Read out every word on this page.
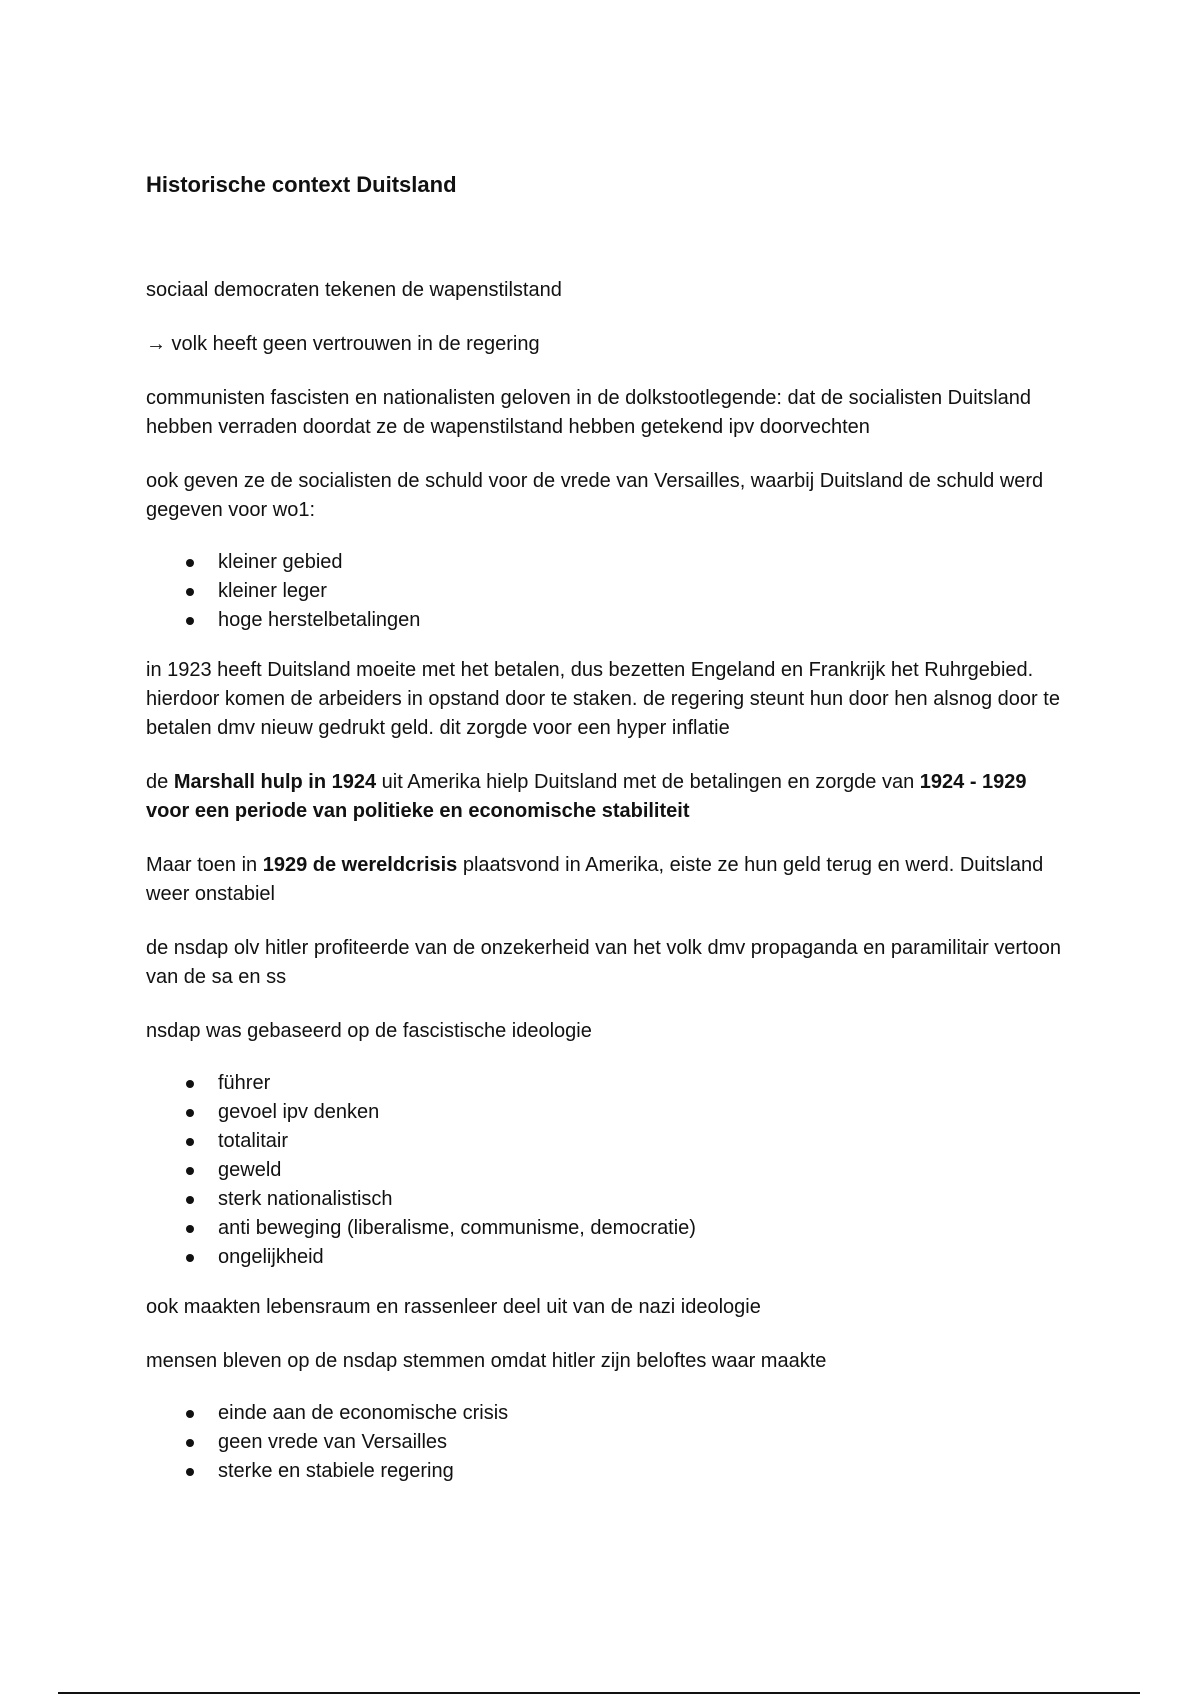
Historische context Duitsland

sociaal democraten tekenen de wapenstilstand

→ volk heeft geen vertrouwen in de regering

communisten fascisten en nationalisten geloven in de dolkstootlegende: dat de socialisten Duitsland hebben verraden doordat ze de wapenstilstand hebben getekend ipv doorvechten

ook geven ze de socialisten de schuld voor de vrede van Versailles, waarbij Duitsland de schuld werd gegeven voor wo1:

kleiner gebied
kleiner leger
hoge herstelbetalingen

in 1923 heeft Duitsland moeite met het betalen, dus bezetten Engeland en Frankrijk het Ruhrgebied. hierdoor komen de arbeiders in opstand door te staken. de regering steunt hun door hen alsnog door te betalen dmv nieuw gedrukt geld. dit zorgde voor een hyper inflatie

de Marshall hulp in 1924 uit Amerika hielp Duitsland met de betalingen en zorgde van 1924 - 1929 voor een periode van politieke en economische stabiliteit

Maar toen in 1929 de wereldcrisis plaatsvond in Amerika, eiste ze hun geld terug en werd. Duitsland weer onstabiel

de nsdap olv hitler profiteerde van de onzekerheid van het volk dmv propaganda en paramilitair vertoon van de sa en ss

nsdap was gebaseerd op de fascistische ideologie

führer
gevoel ipv denken
totalitair
geweld
sterk nationalistisch
anti beweging (liberalisme, communisme, democratie)
ongelijkheid

ook maakten lebensraum en rassenleer deel uit van de nazi ideologie

mensen bleven op de nsdap stemmen omdat hitler zijn beloftes waar maakte

einde aan de economische crisis
geen vrede van Versailles
sterke en stabiele regering
